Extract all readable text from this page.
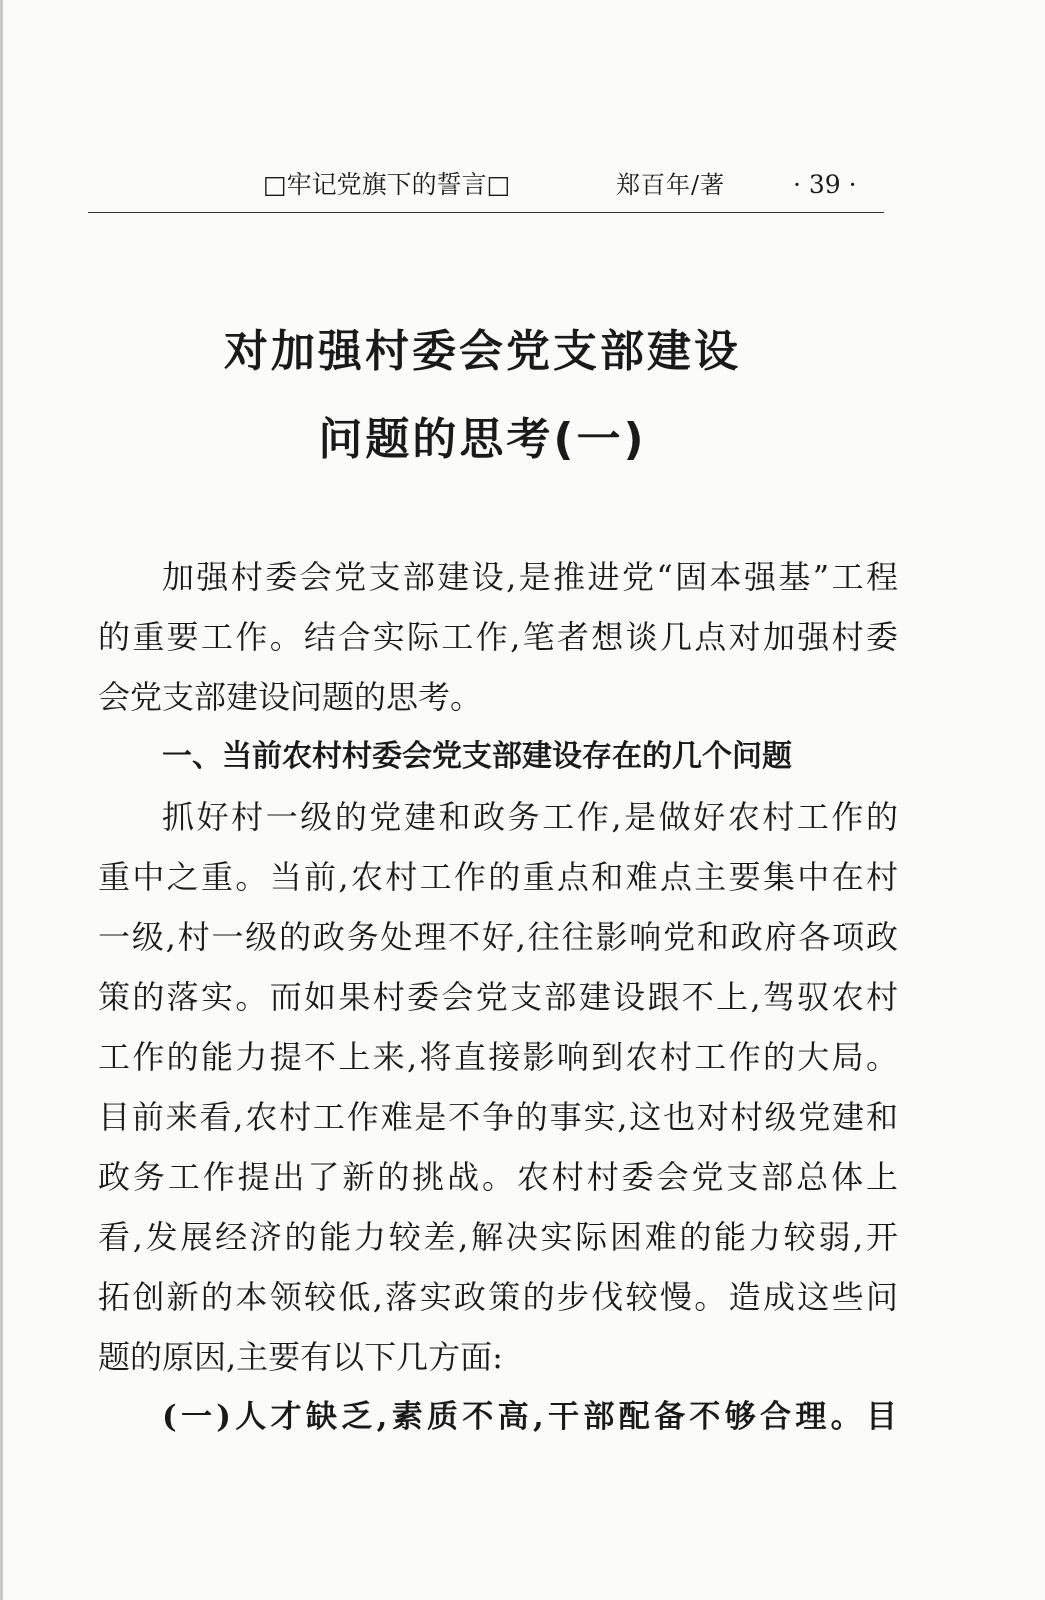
□牢记党旗下的誓言□	郑百年/著	· 39 ·
对加强村委会党支部建设
问题的思考(一)
加强村委会党支部建设,是推进党“固本强基”工程
的重要工作。结合实际工作,笔者想谈几点对加强村委
会党支部建设问题的思考。
一、当前农村村委会党支部建设存在的几个问题
抓好村一级的党建和政务工作,是做好农村工作的
重中之重。当前,农村工作的重点和难点主要集中在村
一级,村一级的政务处理不好,往往影响党和政府各项政
策的落实。而如果村委会党支部建设跟不上,驾驭农村
工作的能力提不上来,将直接影响到农村工作的大局。
目前来看,农村工作难是不争的事实,这也对村级党建和
政务工作提出了新的挑战。农村村委会党支部总体上
看,发展经济的能力较差,解决实际困难的能力较弱,开
拓创新的本领较低,落实政策的步伐较慢。造成这些问
题的原因,主要有以下几方面:
(一)人才缺乏,素质不高,干部配备不够合理。目
